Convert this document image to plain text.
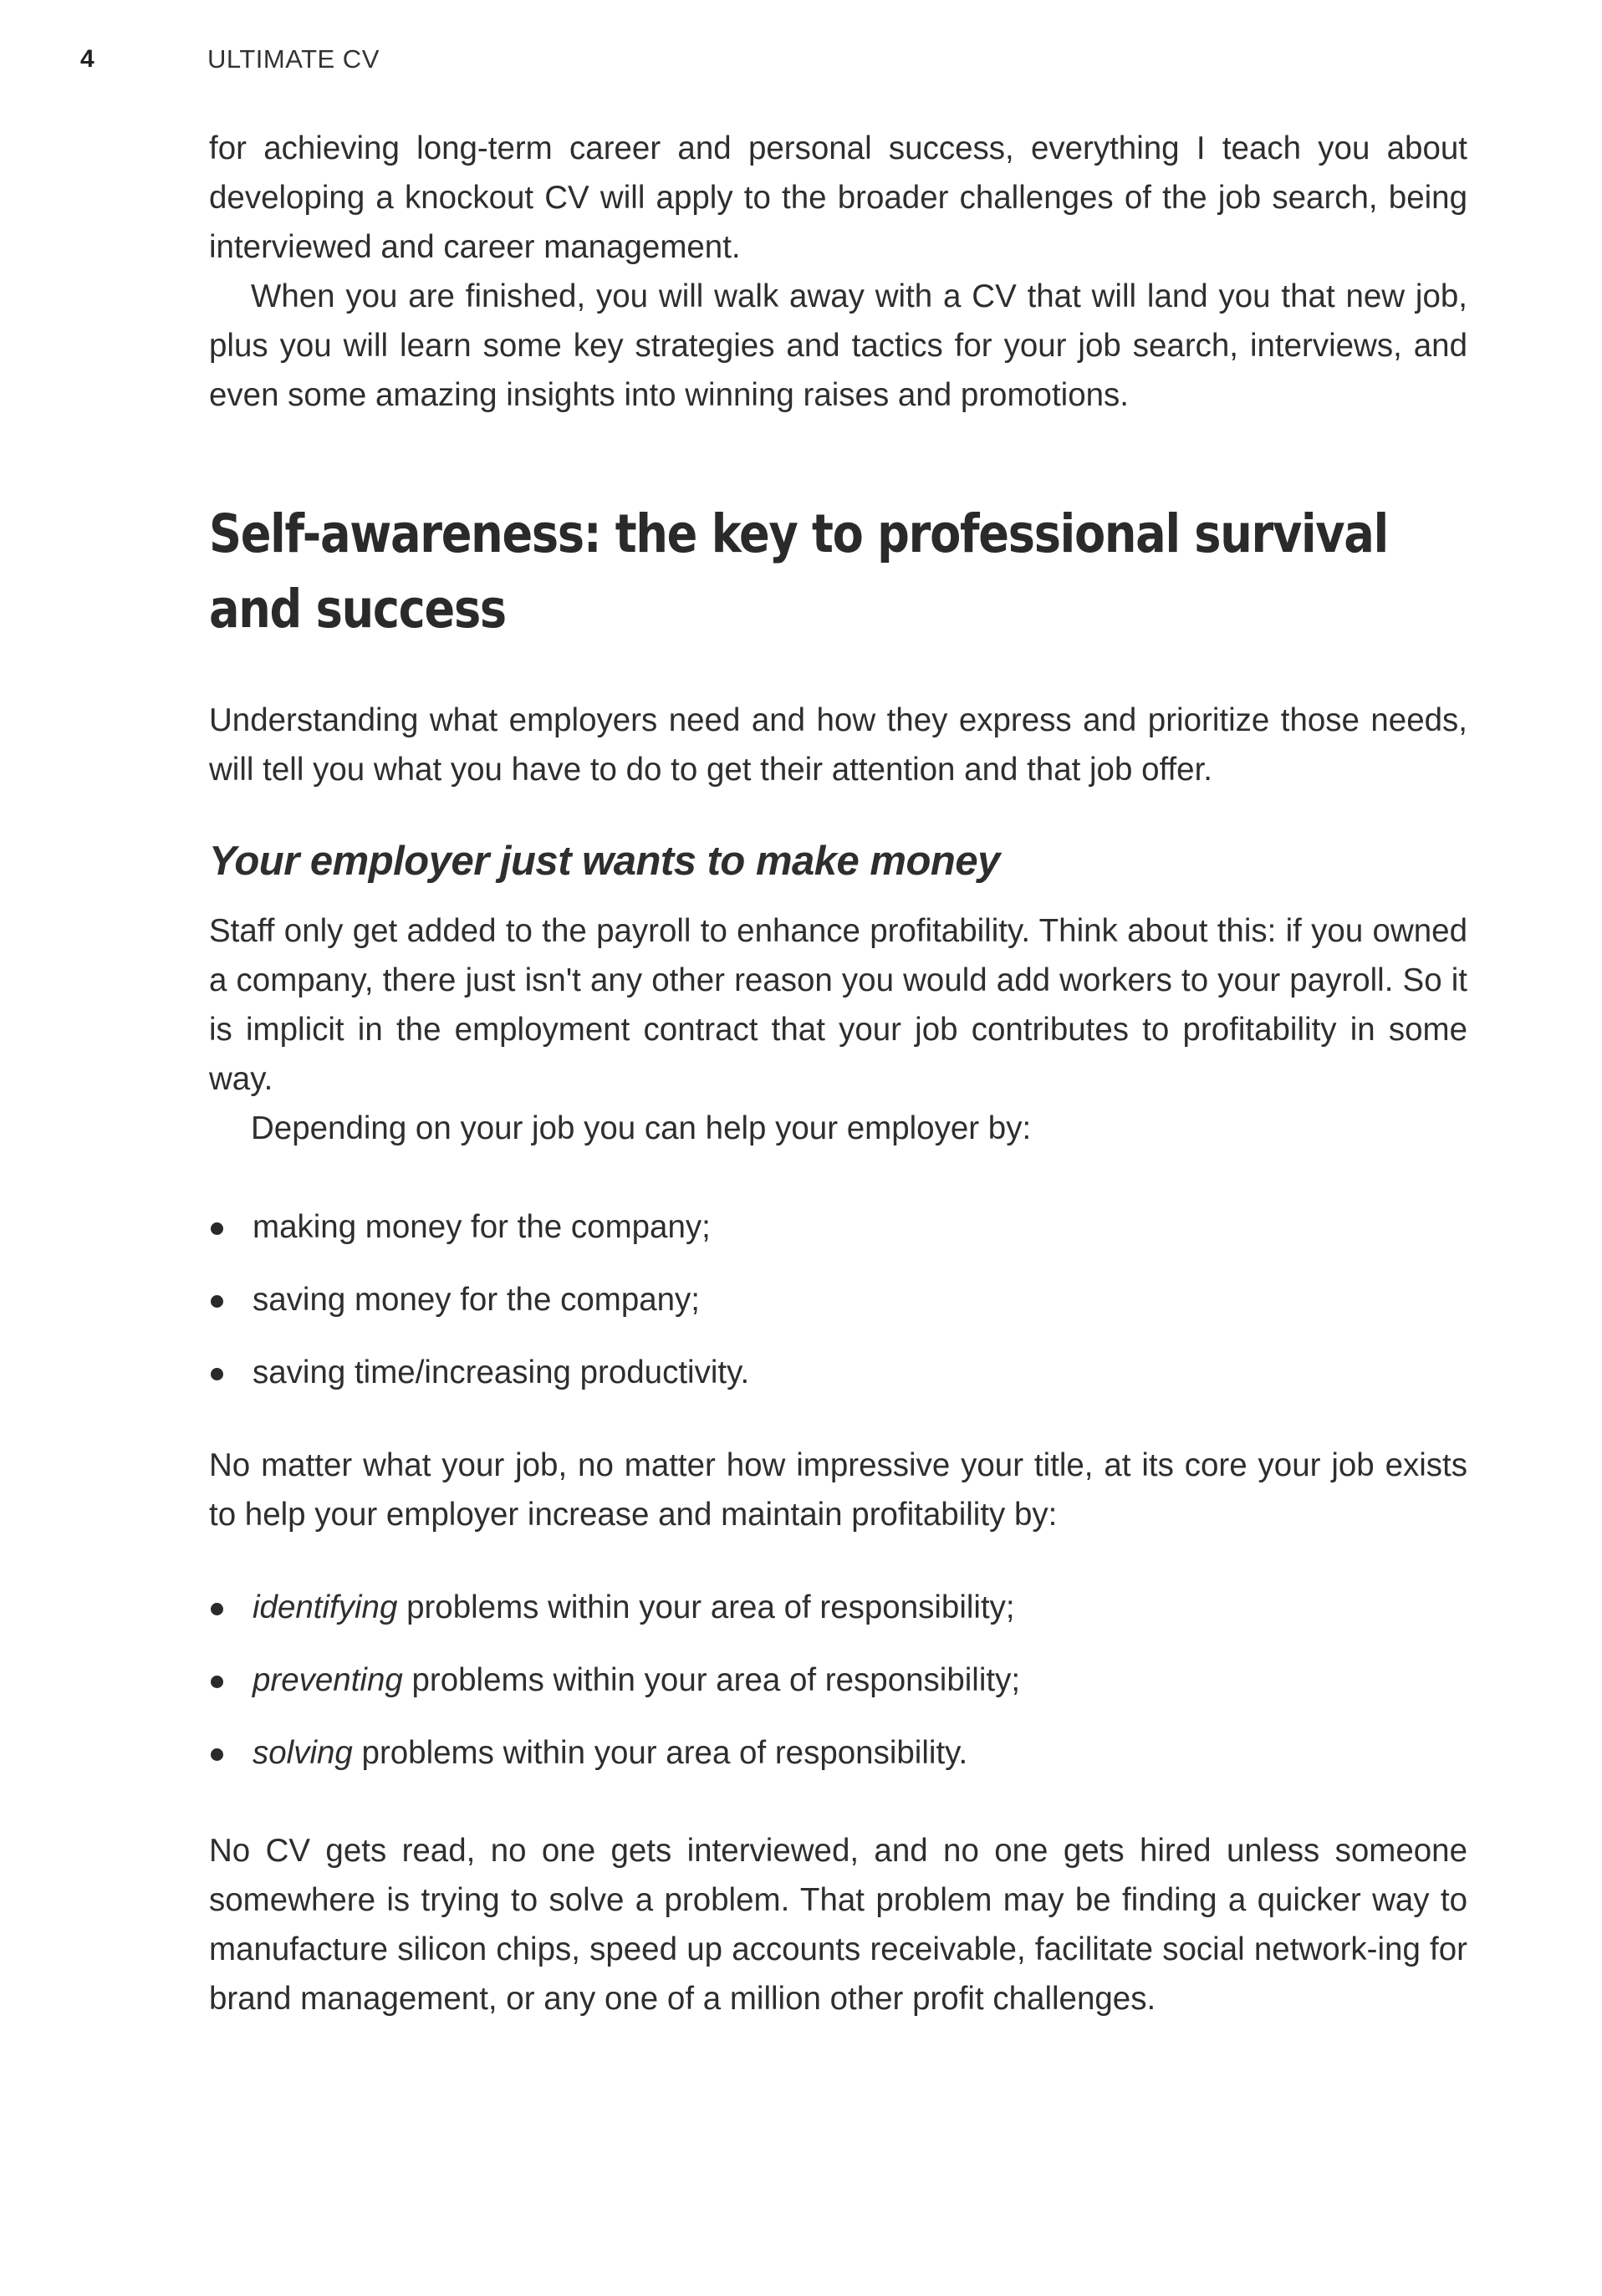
4	ULTIMATE CV

for achieving long-term career and personal success, everything I teach you about developing a knockout CV will apply to the broader challenges of the job search, being interviewed and career management.

When you are finished, you will walk away with a CV that will land you that new job, plus you will learn some key strategies and tactics for your job search, interviews, and even some amazing insights into winning raises and promotions.

Self-awareness: the key to professional survival and success

Understanding what employers need and how they express and prioritize those needs, will tell you what you have to do to get their attention and that job offer.

Your employer just wants to make money

Staff only get added to the payroll to enhance profitability. Think about this: if you owned a company, there just isn't any other reason you would add workers to your payroll. So it is implicit in the employment contract that your job contributes to profitability in some way.

Depending on your job you can help your employer by:

making money for the company;
saving money for the company;
saving time/increasing productivity.

No matter what your job, no matter how impressive your title, at its core your job exists to help your employer increase and maintain profitability by:

identifying problems within your area of responsibility;
preventing problems within your area of responsibility;
solving problems within your area of responsibility.

No CV gets read, no one gets interviewed, and no one gets hired unless someone somewhere is trying to solve a problem. That problem may be finding a quicker way to manufacture silicon chips, speed up accounts receivable, facilitate social network-ing for brand management, or any one of a million other profit challenges.
